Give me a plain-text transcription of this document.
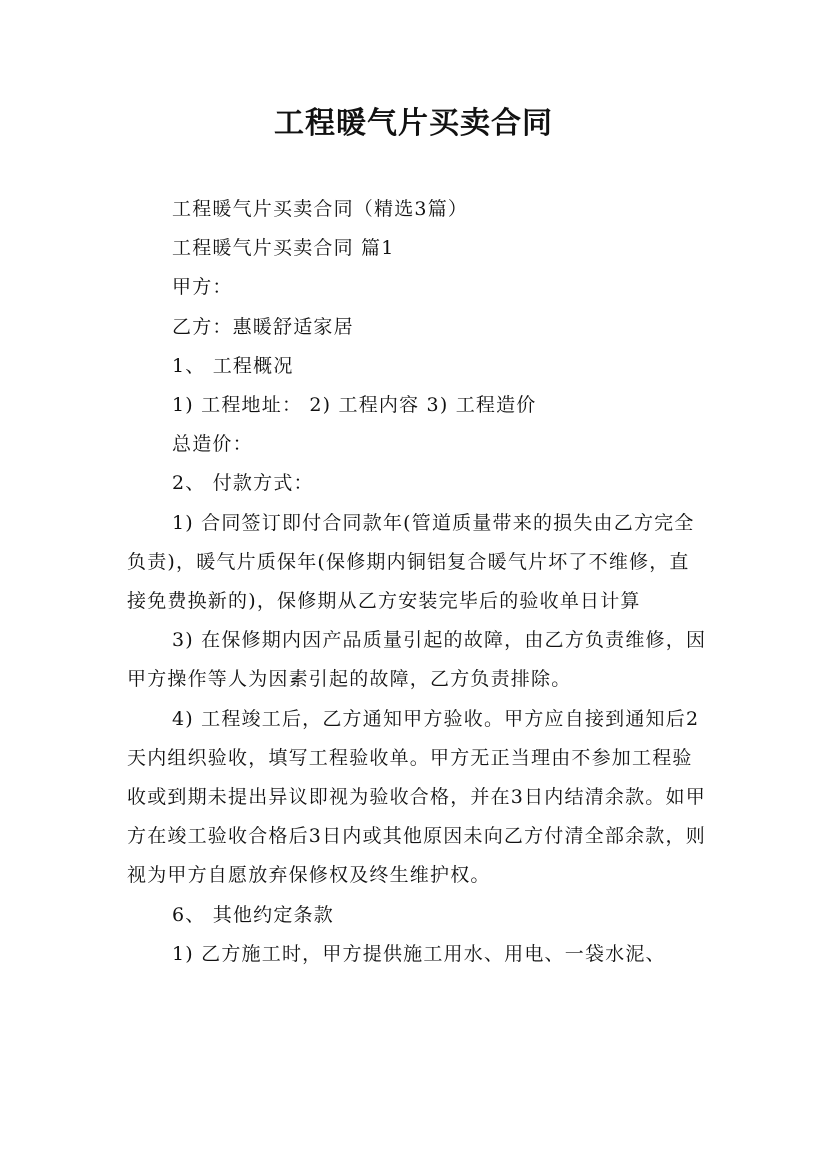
工程暖气片买卖合同

工程暖气片买卖合同（精选3篇）

工程暖气片买卖合同 篇1

甲方：

乙方：惠暖舒适家居

1、 工程概况

1) 工程地址： 2) 工程内容 3) 工程造价

总造价：

2、 付款方式：

1) 合同签订即付合同款年(管道质量带来的损失由乙方完全负责)，暖气片质保年(保修期内铜铝复合暖气片坏了不维修，直接免费换新的)，保修期从乙方安装完毕后的验收单日计算

3) 在保修期内因产品质量引起的故障，由乙方负责维修，因甲方操作等人为因素引起的故障，乙方负责排除。

4) 工程竣工后，乙方通知甲方验收。甲方应自接到通知后2天内组织验收，填写工程验收单。甲方无正当理由不参加工程验收或到期未提出异议即视为验收合格，并在3日内结清余款。如甲方在竣工验收合格后3日内或其他原因未向乙方付清全部余款，则视为甲方自愿放弃保修权及终生维护权。

6、 其他约定条款

1) 乙方施工时，甲方提供施工用水、用电、一袋水泥、
